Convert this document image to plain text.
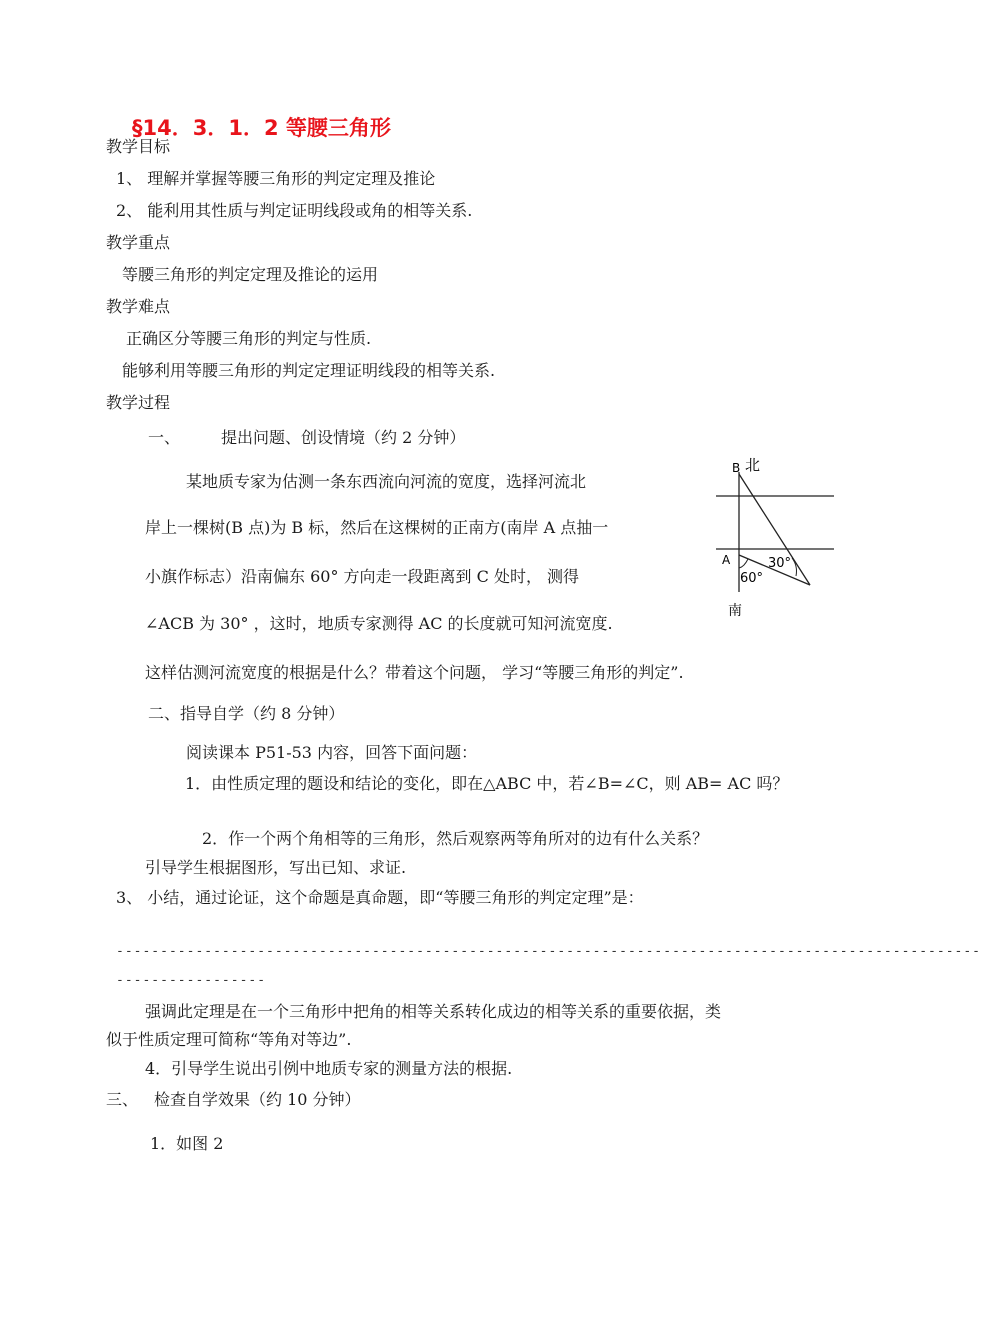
§14．3．1．2 等腰三角形
教学目标
1、 理解并掌握等腰三角形的判定定理及推论
2、 能利用其性质与判定证明线段或角的相等关系.
教学重点
等腰三角形的判定定理及推论的运用
教学难点
正确区分等腰三角形的判定与性质.
能够利用等腰三角形的判定定理证明线段的相等关系.
教学过程
一、	提出问题、创设情境（约 2 分钟）
某地质专家为估测一条东西流向河流的宽度，选择河流北
岸上一棵树(B 点)为 B 标，然后在这棵树的正南方(南岸 A 点抽一
小旗作标志）沿南偏东 60° 方向走一段距离到 C 处时， 测得
∠ACB 为 30° ，这时，地质专家测得 AC 的长度就可知河流宽度.
这样估测河流宽度的根据是什么？带着这个问题， 学习“等腰三角形的判定”.
B 北
A	30°
60°
南
二、指导自学（约 8 分钟）
阅读课本 P51-53 内容，回答下面问题：
1．由性质定理的题设和结论的变化，即在△ABC 中，若∠B=∠C，则 AB= AC 吗？
2．作一个两个角相等的三角形，然后观察两等角所对的边有什么关系？
引导学生根据图形，写出已知、求证.
3、 小结，通过论证，这个命题是真命题，即“等腰三角形的判定定理”是：
--------------------------------------------------------------------------------------------------
-----------------
强调此定理是在一个三角形中把角的相等关系转化成边的相等关系的重要依据，类
似于性质定理可简称“等角对等边”.
4．引导学生说出引例中地质专家的测量方法的根据.
三、 检查自学效果（约 10 分钟）
1．如图 2
